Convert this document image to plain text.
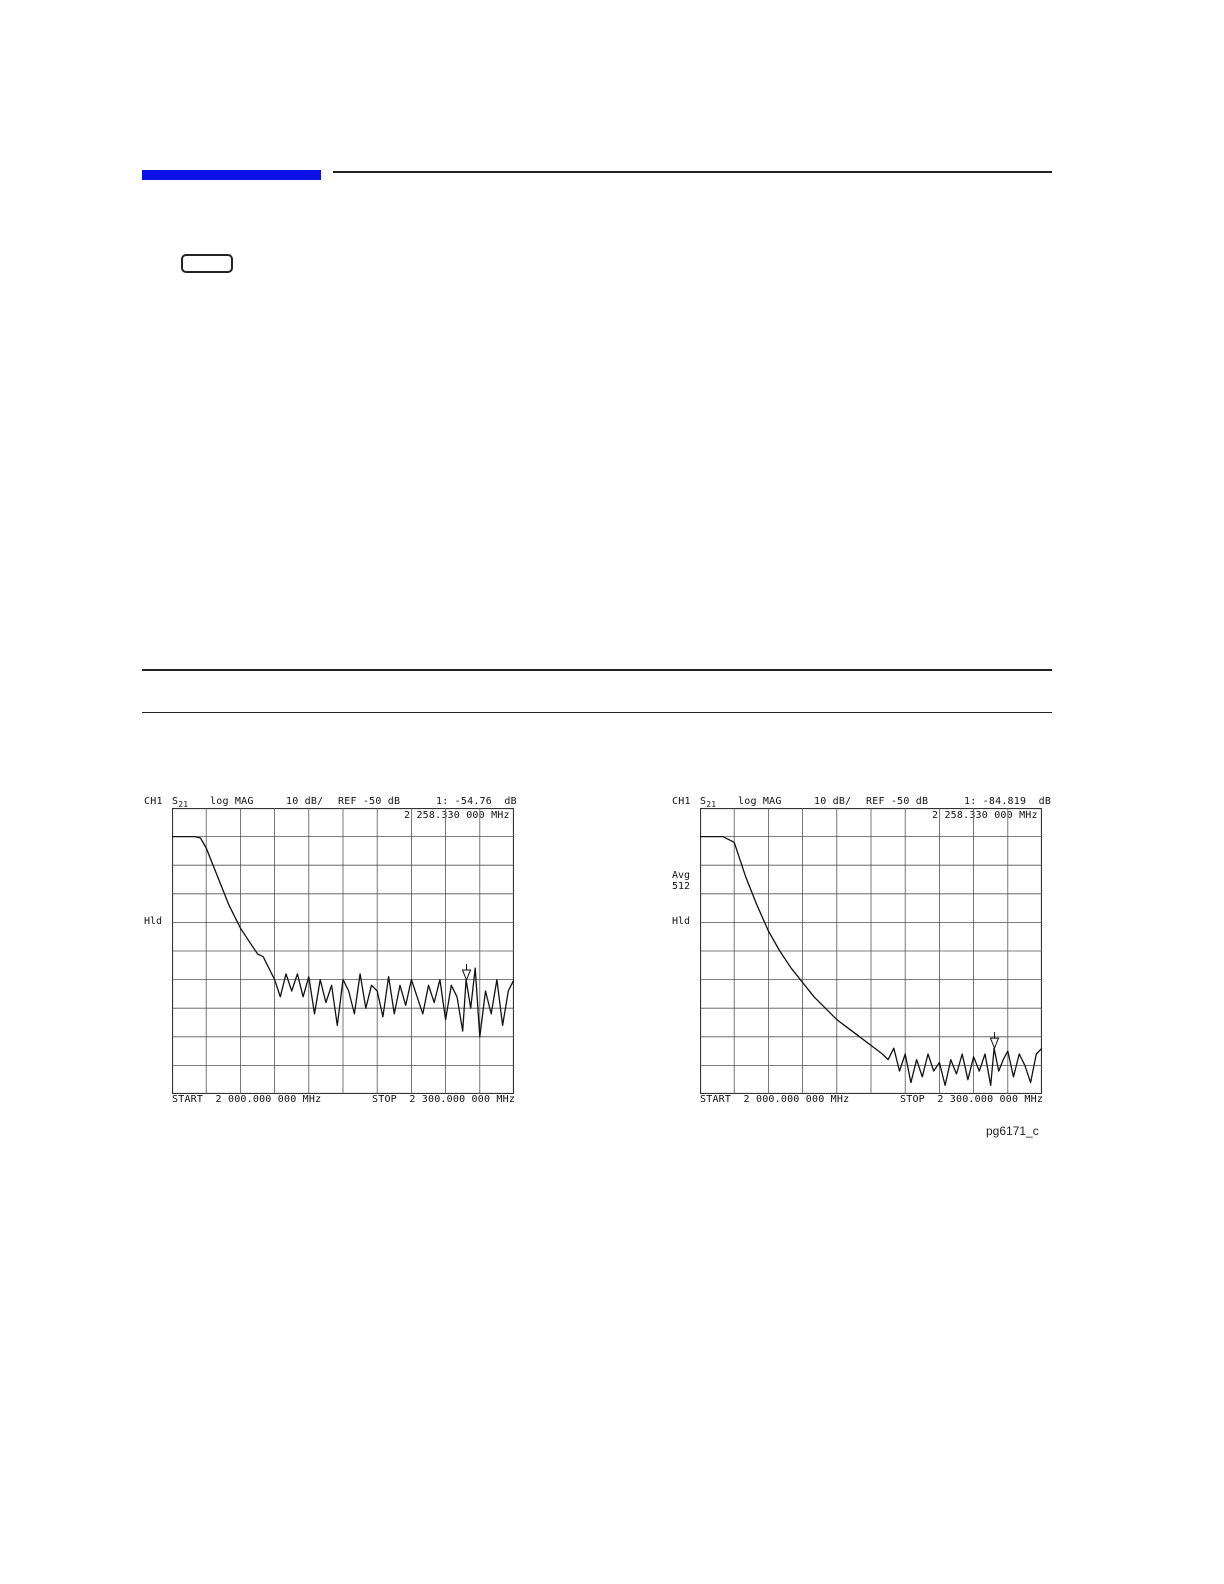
CH1 $S_{21}$ log MAG	10 dB/ REF -50 dB	1: -54.76  dB
2 258.330 000 MHz
Hld
START  2 000.000 000 MHz	STOP  2 300.000 000 MHz
CH1 $S_{21}$ log MAG	10 dB/ REF -50 dB	1: -84.819  dB
2 258.330 000 MHz
Avg
512
Hld
START  2 000.000 000 MHz	STOP  2 300.000 000 MHz
pg6171_c
